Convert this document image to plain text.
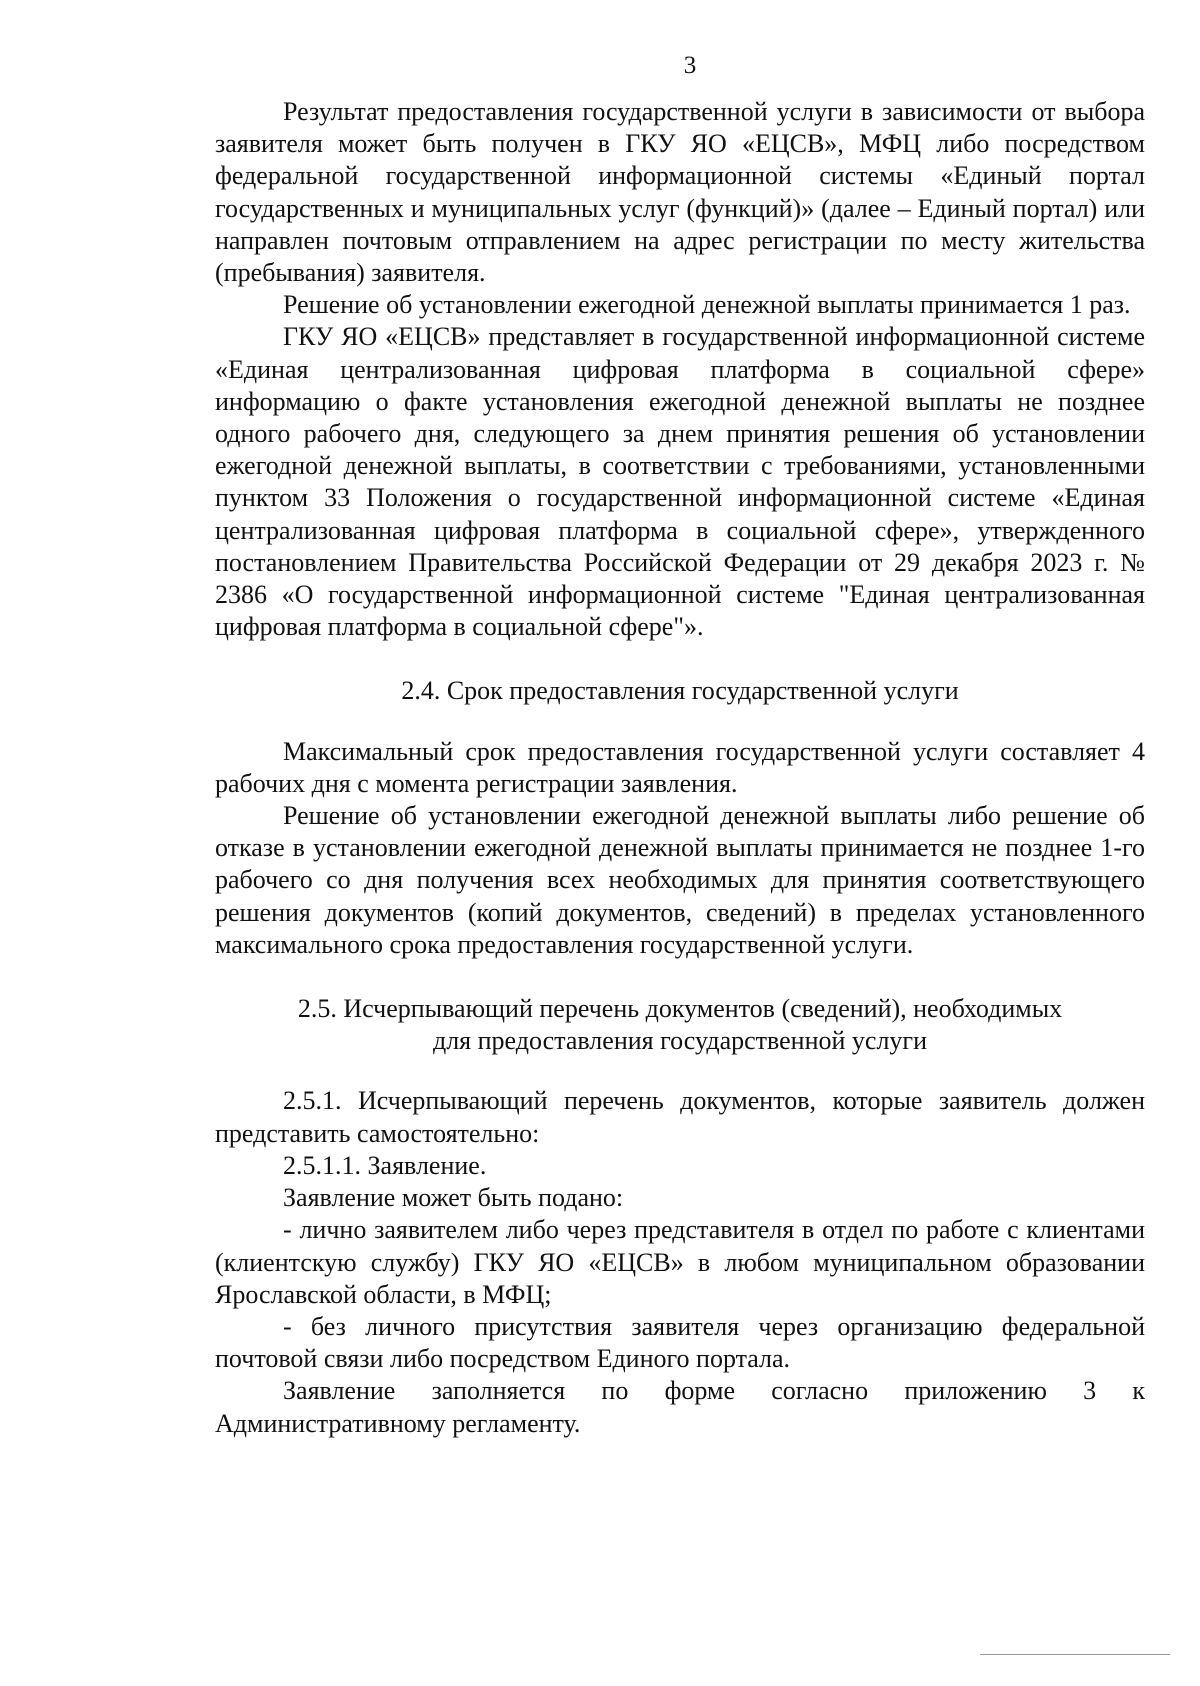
3

Результат предоставления государственной услуги в зависимости от выбора заявителя может быть получен в ГКУ ЯО «ЕЦСВ», МФЦ либо посредством федеральной государственной информационной системы «Единый портал государственных и муниципальных услуг (функций)» (далее – Единый портал) или направлен почтовым отправлением на адрес регистрации по месту жительства (пребывания) заявителя.

Решение об установлении ежегодной денежной выплаты принимается 1 раз.

ГКУ ЯО «ЕЦСВ» представляет в государственной информационной системе «Единая централизованная цифровая платформа в социальной сфере» информацию о факте установления ежегодной денежной выплаты не позднее одного рабочего дня, следующего за днем принятия решения об установлении ежегодной денежной выплаты, в соответствии с требованиями, установленными пунктом 33 Положения о государственной информационной системе «Единая централизованная цифровая платформа в социальной сфере», утвержденного постановлением Правительства Российской Федерации от 29 декабря 2023 г. № 2386 «О государственной информационной системе "Единая централизованная цифровая платформа в социальной сфере"».

2.4. Срок предоставления государственной услуги

Максимальный срок предоставления государственной услуги составляет 4 рабочих дня с момента регистрации заявления.

Решение об установлении ежегодной денежной выплаты либо решение об отказе в установлении ежегодной денежной выплаты принимается не позднее 1-го рабочего со дня получения всех необходимых для принятия соответствующего решения документов (копий документов, сведений) в пределах установленного максимального срока предоставления государственной услуги.

2.5. Исчерпывающий перечень документов (сведений), необходимых

для предоставления государственной услуги

2.5.1. Исчерпывающий перечень документов, которые заявитель должен представить самостоятельно:

2.5.1.1. Заявление.

Заявление может быть подано:

- лично заявителем либо через представителя в отдел по работе с клиентами (клиентскую службу) ГКУ ЯО «ЕЦСВ» в любом муниципальном образовании Ярославской области, в МФЦ;

- без личного присутствия заявителя через организацию федеральной почтовой связи либо посредством Единого портала.

Заявление заполняется по форме согласно приложению 3 к Административному регламенту.
